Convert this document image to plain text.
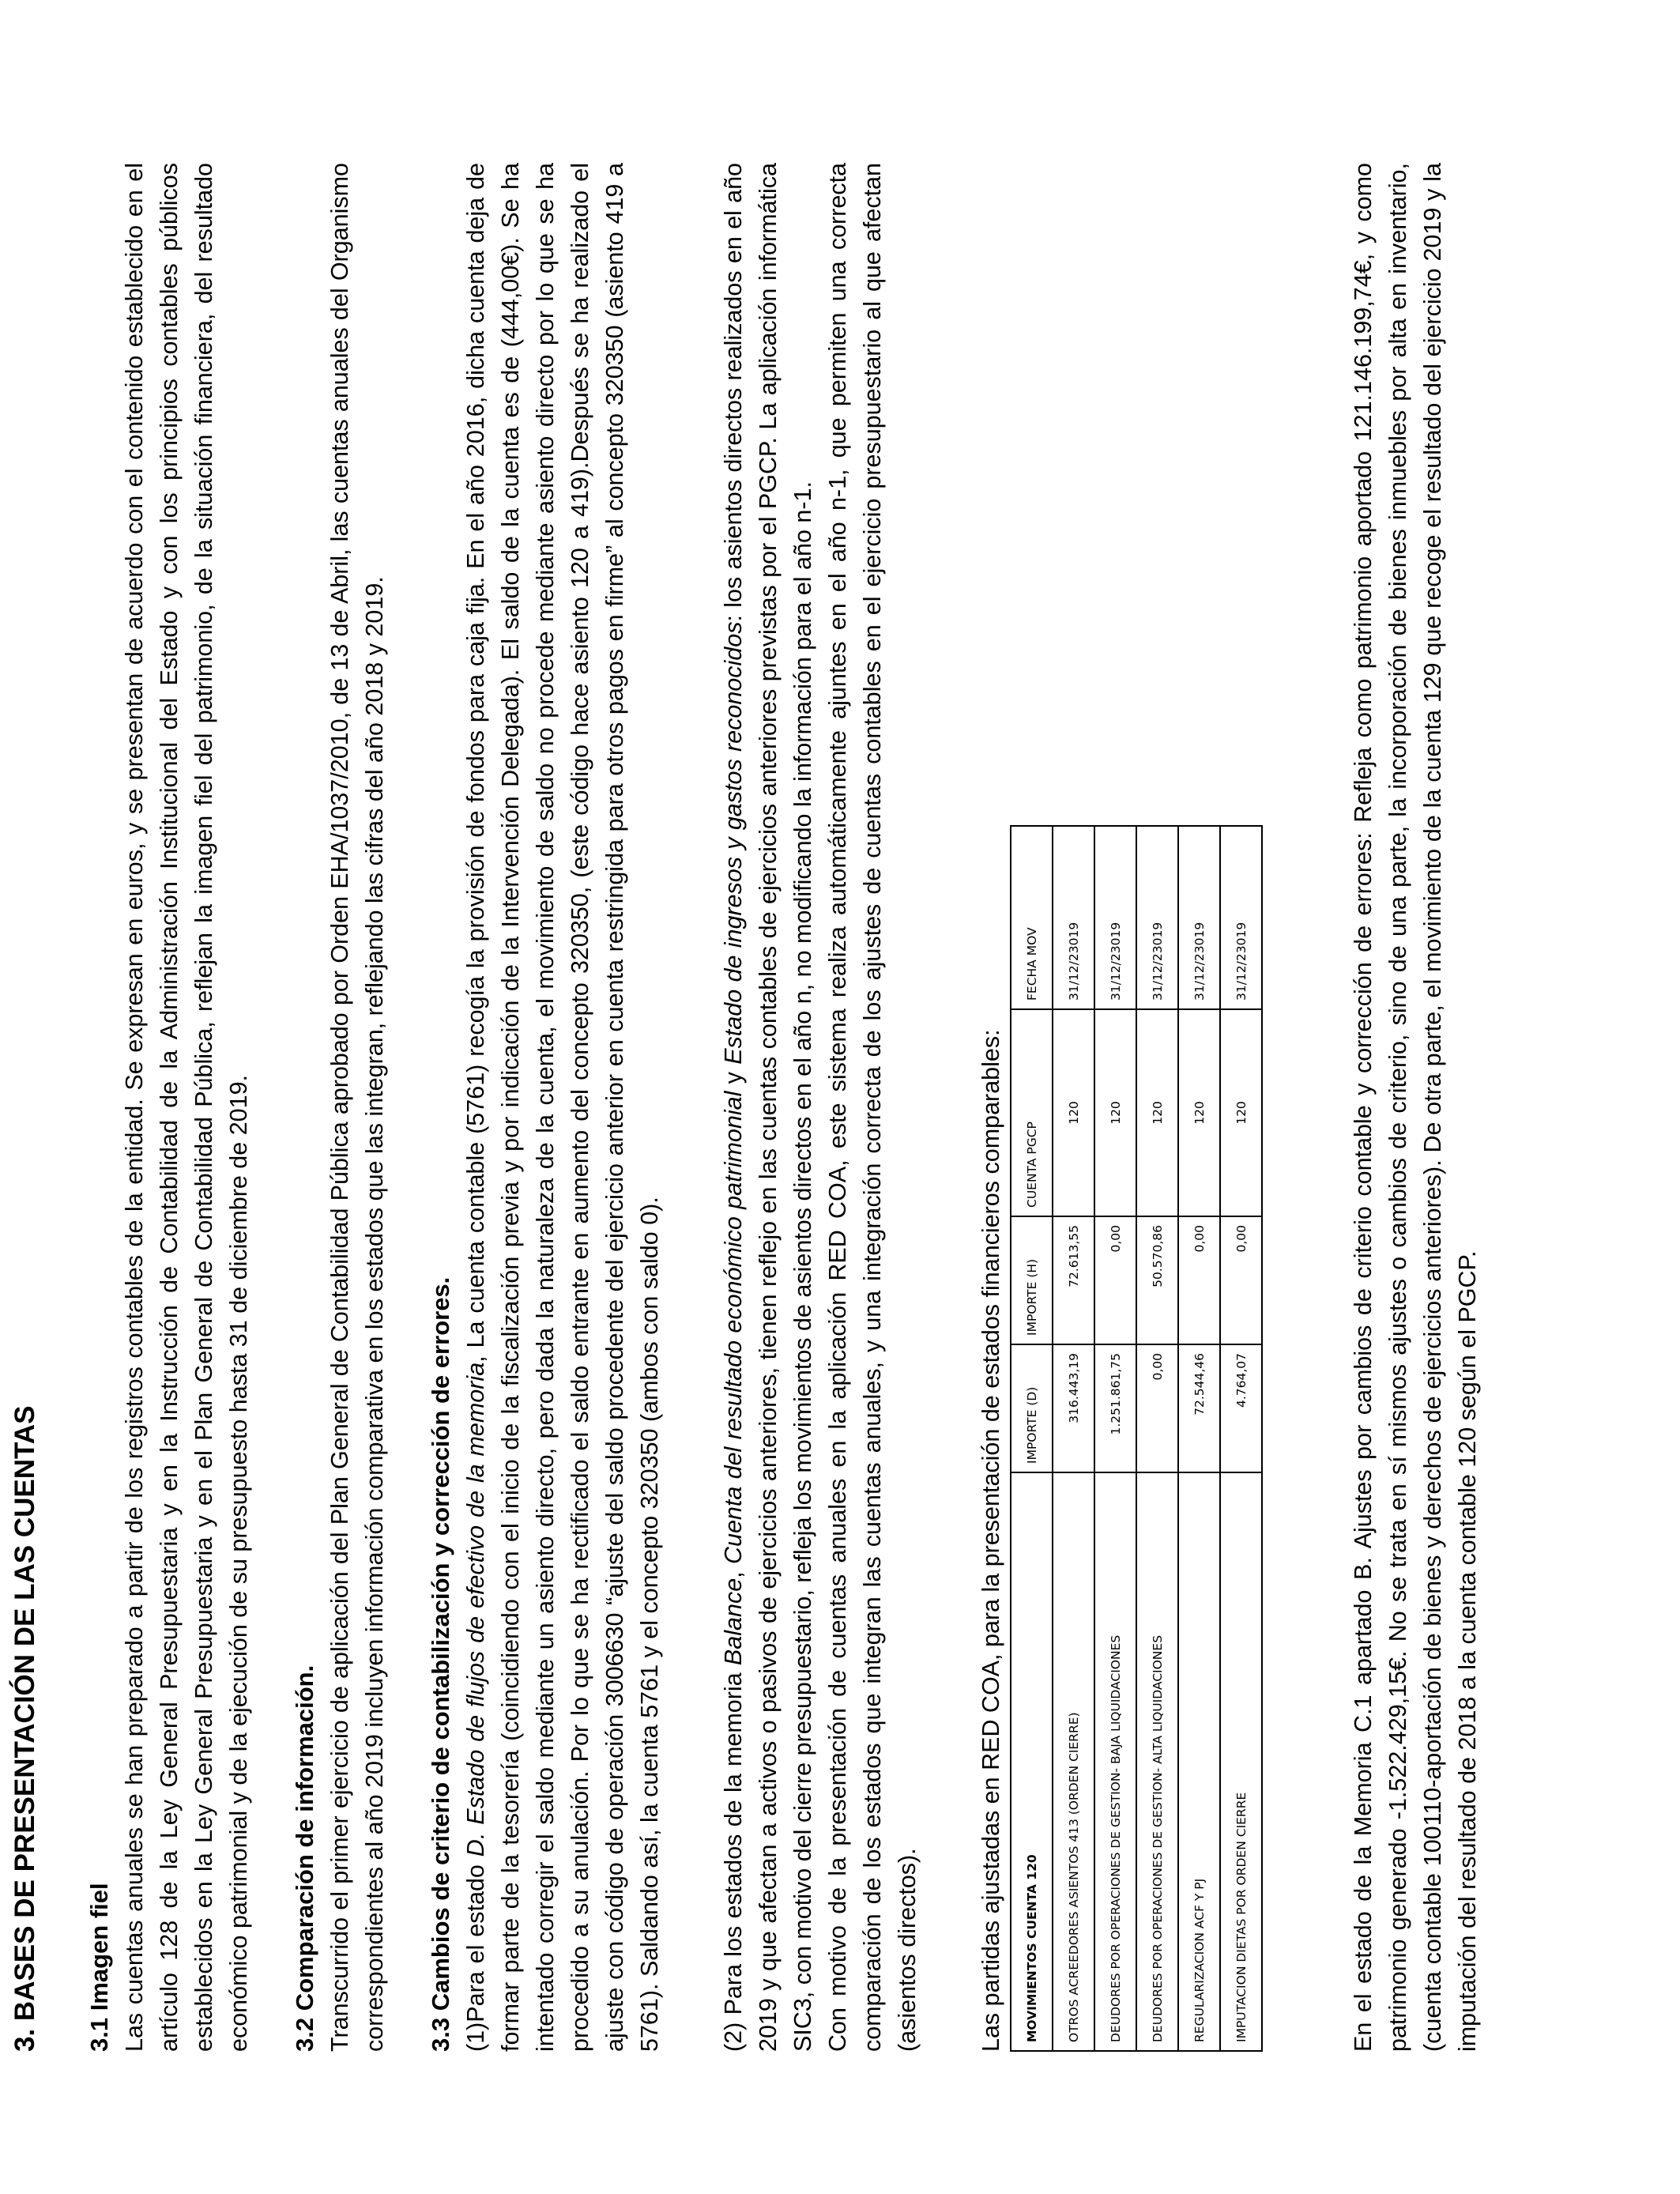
3. BASES DE PRESENTACIÓN DE LAS CUENTAS 3.1 Imagen fiel Las cuentas anuales se han preparado a partir de los registros contables de la entidad. Se expresan en euros, y se presentan de acuerdo con el contenido establecido en el artículo 128 de la Ley General Presupuestaria y en la Instrucción de Contabilidad de la Administración Institucional del Estado y con los principios contables públicos establecidos en la Ley General Presupuestaria y en el Plan General de Contabilidad Pública, reflejan la imagen fiel del patrimonio, de la situación financiera, del resultado económico patrimonial y de la ejecución de su presupuesto hasta 31 de diciembre de 2019. 3.2 Comparación de información. Transcurrido el primer ejercicio de aplicación del Plan General de Contabilidad Pública aprobado por Orden EHA/1037/2010, de 13 de Abril, las cuentas anuales del Organismo correspondientes al año 2019 incluyen información comparativa en los estados que las integran, reflejando las cifras del año 2018 y 2019. 3.3 Cambios de criterio de contabilización y corrección de errores. (1)Para el estado D. Estado de flujos de efectivo de la memoria, La cuenta contable (5761) recogía la provisión de fondos para caja fija. En el año 2016, dicha cuenta deja de formar parte de la tesorería (coincidiendo con el inicio de la fiscalización previa y por indicación de la Intervención Delegada). El saldo de la cuenta es de (444,00€). Se ha intentado corregir el saldo mediante un asiento directo, pero dada la naturaleza de la cuenta, el movimiento de saldo no procede mediante asiento directo por lo que se ha procedido a su anulación. Por lo que se ha rectificado el saldo entrante en aumento del concepto 320350, (este código hace asiento 120 a 419).Después se ha realizado el ajuste con código de operación 3006630 “ajuste del saldo procedente del ejercicio anterior en cuenta restringida para otros pagos en firme” al concepto 320350 (asiento 419 a 5761). Saldando así, la cuenta 5761 y el concepto 320350 (ambos con saldo 0). (2) Para los estados de la memoria Balance, Cuenta del resultado económico patrimonial y Estado de ingresos y gastos reconocidos: los asientos directos realizados en el año 2019 y que afectan a activos o pasivos de ejercicios anteriores, tienen reflejo en las cuentas contables de ejercicios anteriores previstas por el PGCP. La aplicación informática SIC3, con motivo del cierre presupuestario, refleja los movimientos de asientos directos en el año n, no modificando la información para el año n-1. Con motivo de la presentación de cuentas anuales en la aplicación RED COA, este sistema realiza automáticamente ajuntes en el año n-1, que permiten una correcta comparación de los estados que integran las cuentas anuales, y una integración correcta de los ajustes de cuentas contables en el ejercicio presupuestario al que afectan (asientos directos). Las partidas ajustadas en RED COA, para la presentación de estados financieros comparables:	MOVIMIENTOS CUENTA 120	IMPORTE (D)	IMPORTE (H)	CUENTA PGCP	FECHA MOV
OTROS ACREEDORES ASIENTOS 413 (ORDEN CIERRE)	316.443,19	72.613,55	120	31/12/23019
DEUDORES POR OPERACIONES DE GESTION- BAJA LIQUIDACIONES	1.251.861,75	0,00	120	31/12/23019
DEUDORES POR OPERACIONES DE GESTION- ALTA LIQUIDACIONES	0,00	50.570,86	120	31/12/23019
REGULARIZACION ACF Y PJ	72.544,46	0,00	120	31/12/23019
IMPUTACION DIETAS POR ORDEN CIERRE	4.764,07	0,00	120	31/12/23019	En el estado de la Memoria C.1 apartado B. Ajustes por cambios de criterio contable y corrección de errores: Refleja como patrimonio aportado 121.146.199,74€, y como patrimonio generado -1.522.429,15€. No se trata en sí mismos ajustes o cambios de criterio, sino de una parte, la incorporación de bienes inmuebles por alta en inventario, (cuenta contable 100110-aportación de bienes y derechos de ejercicios anteriores). De otra parte, el movimiento de la cuenta 129 que recoge el resultado del ejercicio 2019 y la imputación del resultado de 2018 a la cuenta contable 120 según el PGCP.
